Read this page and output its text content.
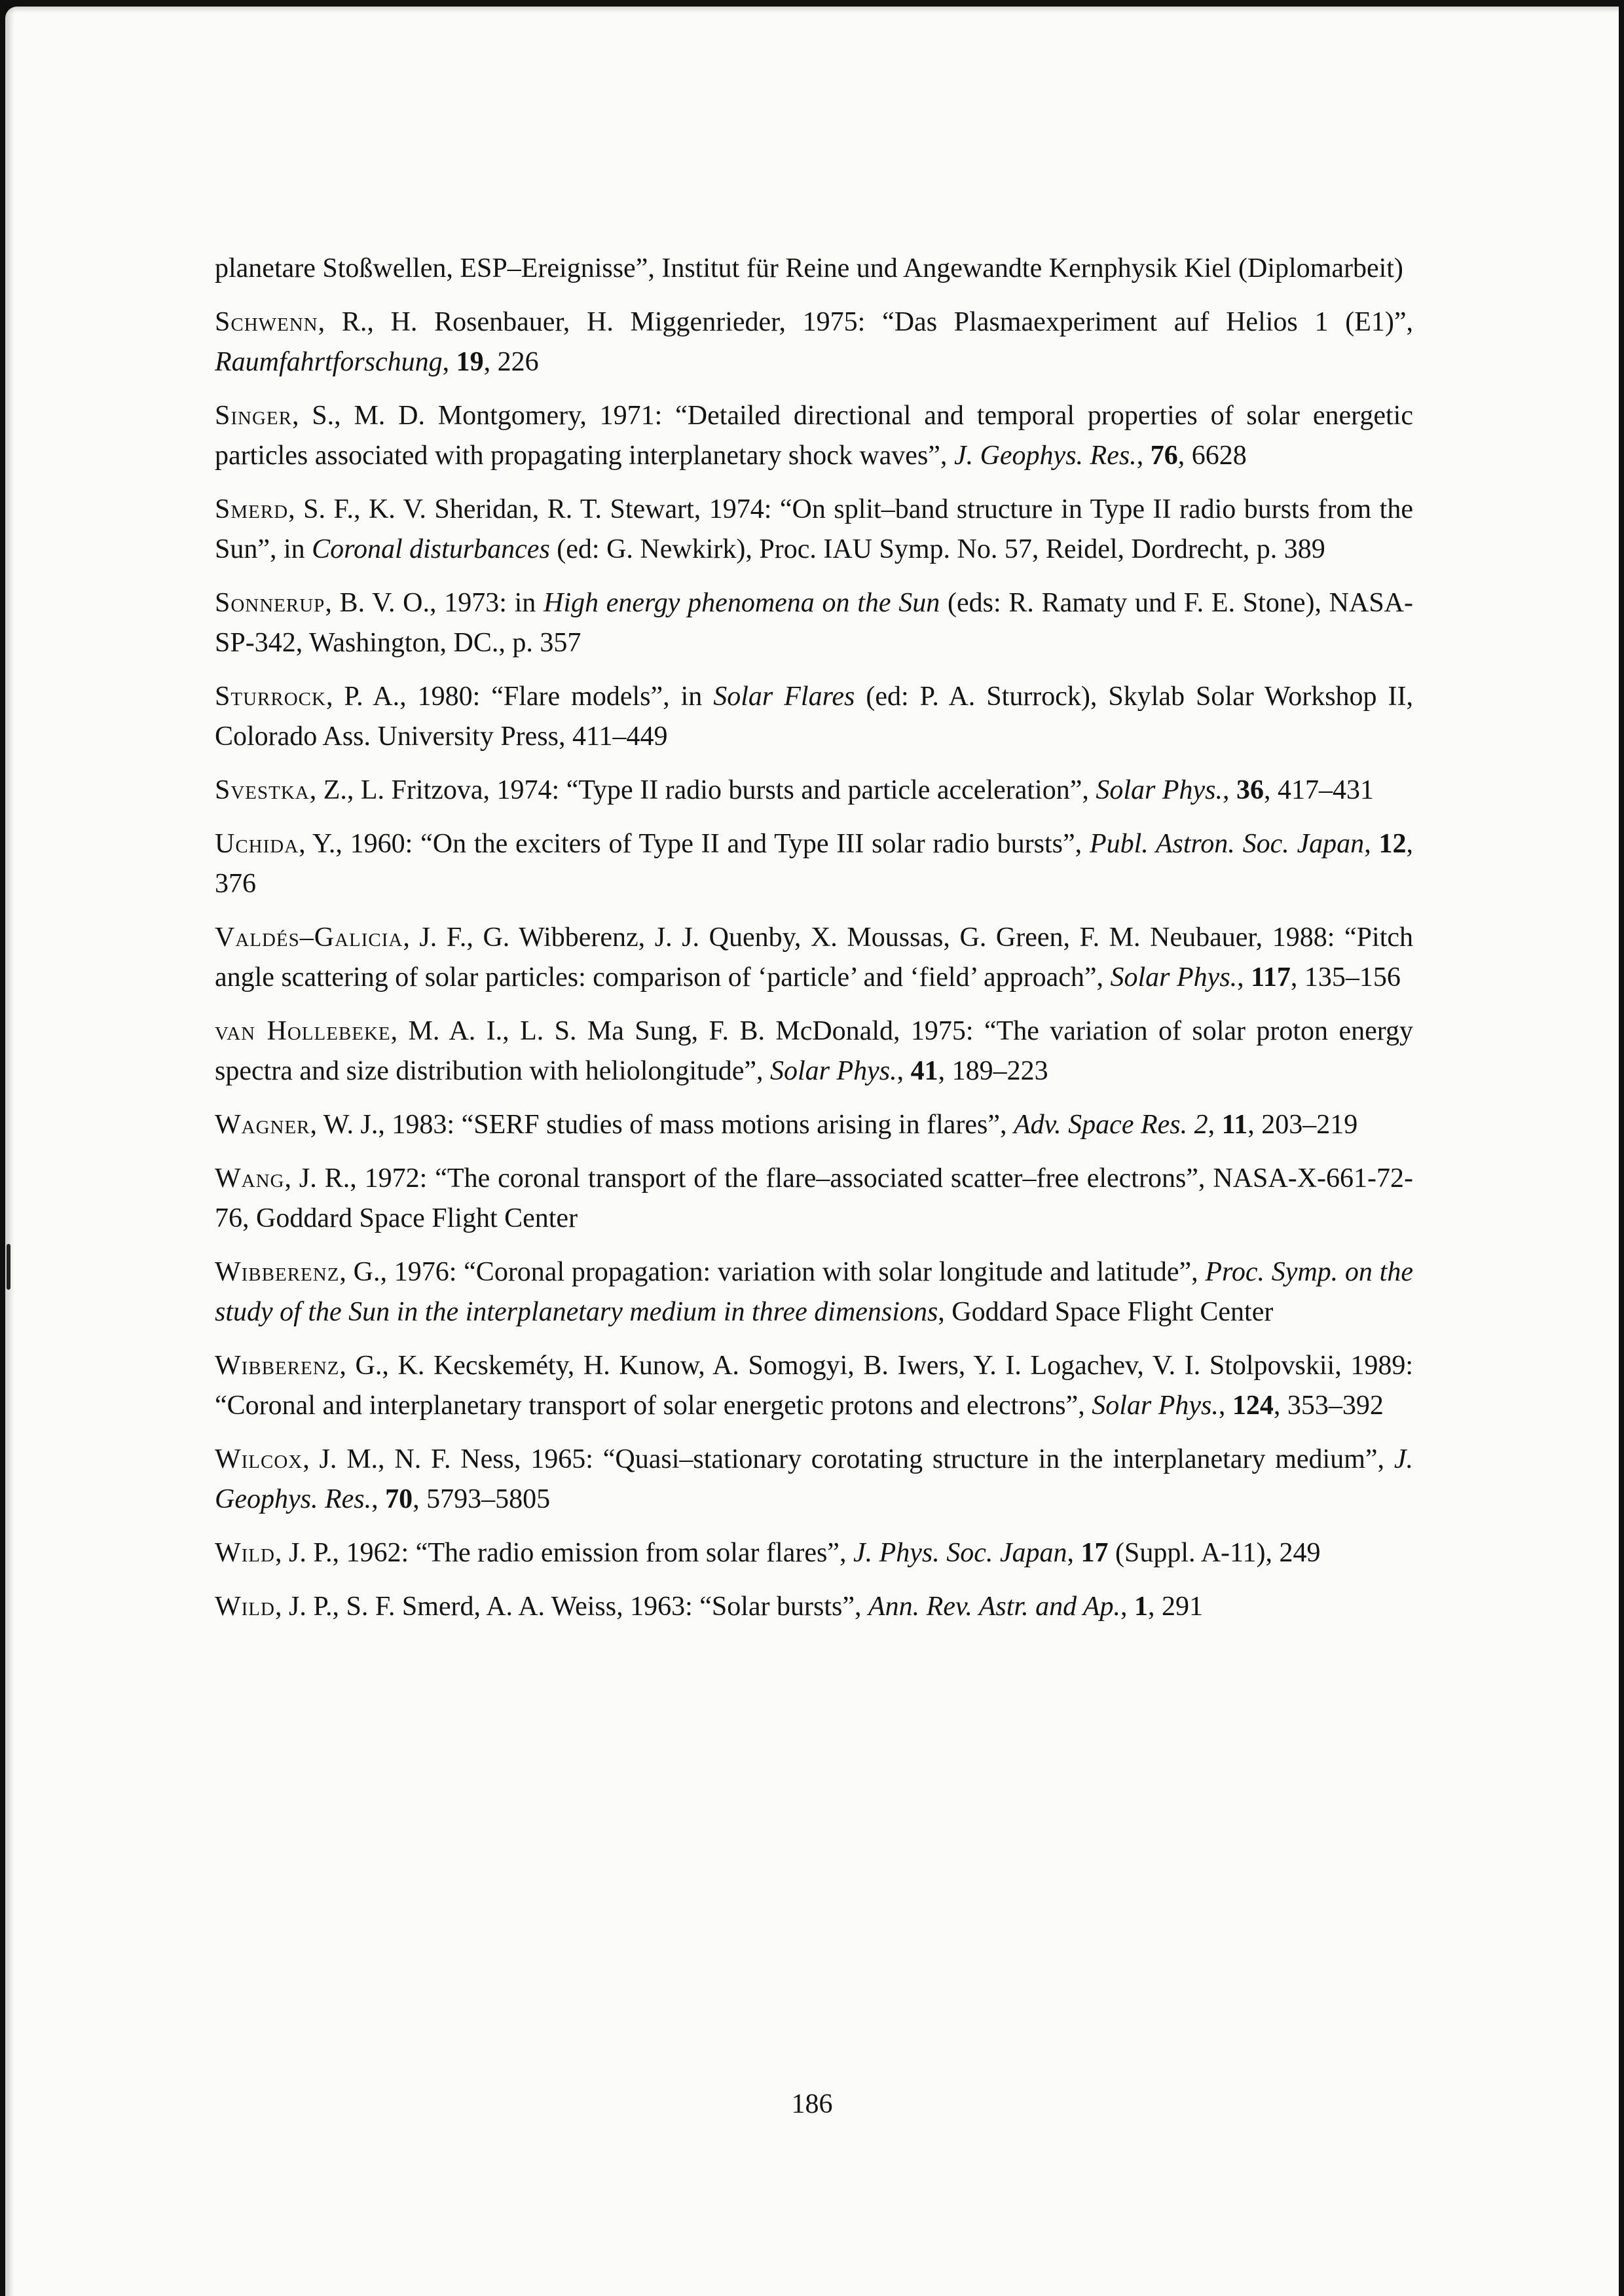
planetare Stoßwellen, ESP–Ereignisse”, Institut für Reine und Angewandte Kernphysik Kiel (Diplomarbeit)

Schwenn, R., H. Rosenbauer, H. Miggenrieder, 1975: “Das Plasmaexperiment auf Helios 1 (E1)”, Raumfahrtforschung, 19, 226

Singer, S., M. D. Montgomery, 1971: “Detailed directional and temporal properties of solar energetic particles associated with propagating interplanetary shock waves”, J. Geophys. Res., 76, 6628

Smerd, S. F., K. V. Sheridan, R. T. Stewart, 1974: “On split–band structure in Type II radio bursts from the Sun”, in Coronal disturbances (ed: G. Newkirk), Proc. IAU Symp. No. 57, Reidel, Dordrecht, p. 389

Sonnerup, B. V. O., 1973: in High energy phenomena on the Sun (eds: R. Ramaty und F. E. Stone), NASA-SP-342, Washington, DC., p. 357

Sturrock, P. A., 1980: “Flare models”, in Solar Flares (ed: P. A. Sturrock), Skylab Solar Workshop II, Colorado Ass. University Press, 411–449

Svestka, Z., L. Fritzova, 1974: “Type II radio bursts and particle acceleration”, Solar Phys., 36, 417–431

Uchida, Y., 1960: “On the exciters of Type II and Type III solar radio bursts”, Publ. Astron. Soc. Japan, 12, 376

Valdés–Galicia, J. F., G. Wibberenz, J. J. Quenby, X. Moussas, G. Green, F. M. Neubauer, 1988: “Pitch angle scattering of solar particles: comparison of ‘particle’ and ‘field’ approach”, Solar Phys., 117, 135–156

van Hollebeke, M. A. I., L. S. Ma Sung, F. B. McDonald, 1975: “The variation of solar proton energy spectra and size distribution with heliolongitude”, Solar Phys., 41, 189–223

Wagner, W. J., 1983: “SERF studies of mass motions arising in flares”, Adv. Space Res. 2, 11, 203–219

Wang, J. R., 1972: “The coronal transport of the flare–associated scatter–free electrons”, NASA-X-661-72-76, Goddard Space Flight Center

Wibberenz, G., 1976: “Coronal propagation: variation with solar longitude and latitude”, Proc. Symp. on the study of the Sun in the interplanetary medium in three dimensions, Goddard Space Flight Center

Wibberenz, G., K. Kecskeméty, H. Kunow, A. Somogyi, B. Iwers, Y. I. Logachev, V. I. Stolpovskii, 1989: “Coronal and interplanetary transport of solar energetic protons and electrons”, Solar Phys., 124, 353–392

Wilcox, J. M., N. F. Ness, 1965: “Quasi–stationary corotating structure in the interplanetary medium”, J. Geophys. Res., 70, 5793–5805

Wild, J. P., 1962: “The radio emission from solar flares”, J. Phys. Soc. Japan, 17 (Suppl. A-11), 249

Wild, J. P., S. F. Smerd, A. A. Weiss, 1963: “Solar bursts”, Ann. Rev. Astr. and Ap., 1, 291

186
